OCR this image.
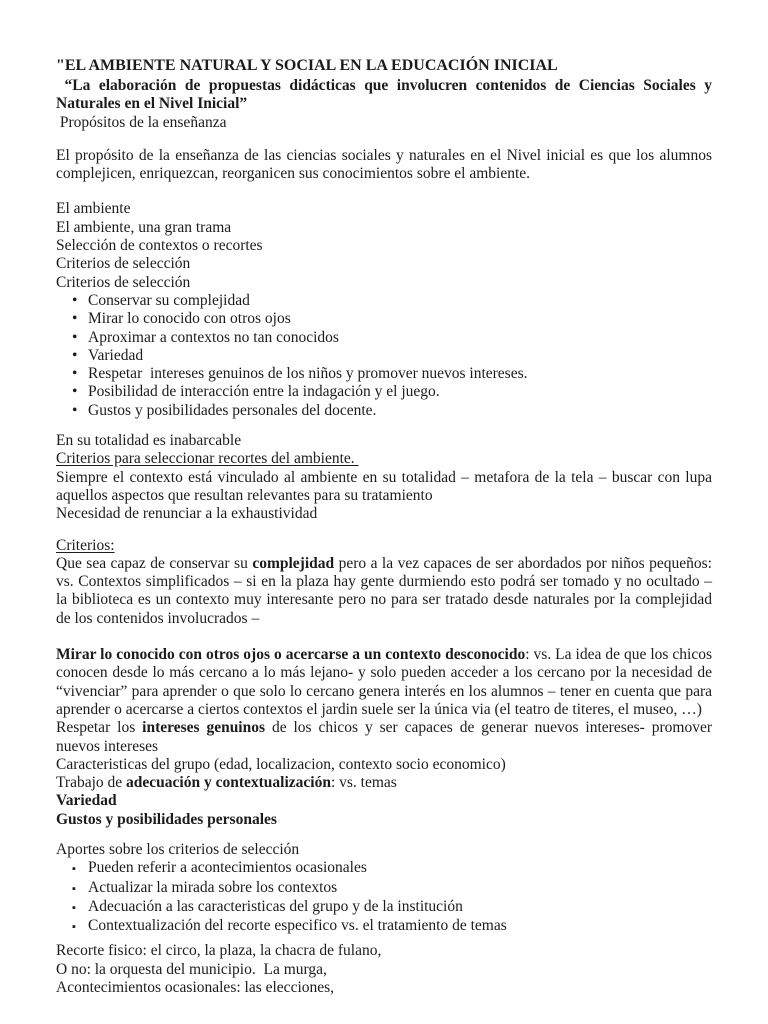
"EL AMBIENTE NATURAL Y SOCIAL EN LA EDUCACIÓN INICIAL
“La elaboración de propuestas didácticas que involucren contenidos de Ciencias Sociales y Naturales en el Nivel Inicial”
Propósitos de la enseñanza

El propósito de la enseñanza de las ciencias sociales y naturales en el Nivel inicial es que los alumnos complejicen, enriquezcan, reorganicen sus conocimientos sobre el ambiente.

El ambiente
El ambiente, una gran trama
Selección de contextos o recortes
Criterios de selección
Criterios de selección
• Conservar su complejidad
• Mirar lo conocido con otros ojos
• Aproximar a contextos no tan conocidos
• Variedad
• Respetar  intereses genuinos de los niños y promover nuevos intereses.
• Posibilidad de interacción entre la indagación y el juego.
• Gustos y posibilidades personales del docente.
En su totalidad es inabarcable
Criterios para seleccionar recortes del ambiente.

Siempre el contexto está vinculado al ambiente en su totalidad – metafora de la tela – buscar con lupa aquellos aspectos que resultan relevantes para su tratamiento

Necesidad de renunciar a la exhaustividad
Criterios:

Que sea capaz de conservar su complejidad pero a la vez capaces de ser abordados por niños pequeños: vs. Contextos simplificados – si en la plaza hay gente durmiendo esto podrá ser tomado y no ocultado – la biblioteca es un contexto muy interesante pero no para ser tratado desde naturales por la complejidad de los contenidos involucrados –

Mirar lo conocido con otros ojos o acercarse a un contexto desconocido: vs. La idea de que los chicos conocen desde lo más cercano a lo más lejano- y solo pueden acceder a los cercano por la necesidad de “vivenciar” para aprender o que solo lo cercano genera interés en los alumnos – tener en cuenta que para aprender o acercarse a ciertos contextos el jardin suele ser la única via (el teatro de titeres, el museo, …)

Respetar los intereses genuinos de los chicos y ser capaces de generar nuevos intereses- promover nuevos intereses

Caracteristicas del grupo (edad, localizacion, contexto socio economico)
Trabajo de adecuación y contextualización: vs. temas
Variedad
Gustos y posibilidades personales
Aportes sobre los criterios de selección
▪ Pueden referir a acontecimientos ocasionales
▪ Actualizar la mirada sobre los contextos
▪ Adecuación a las caracteristicas del grupo y de la institución
▪ Contextualización del recorte especifico vs. el tratamiento de temas
Recorte fisico: el circo, la plaza, la chacra de fulano,
O no: la orquesta del municipio.  La murga,
Acontecimientos ocasionales: las elecciones,
